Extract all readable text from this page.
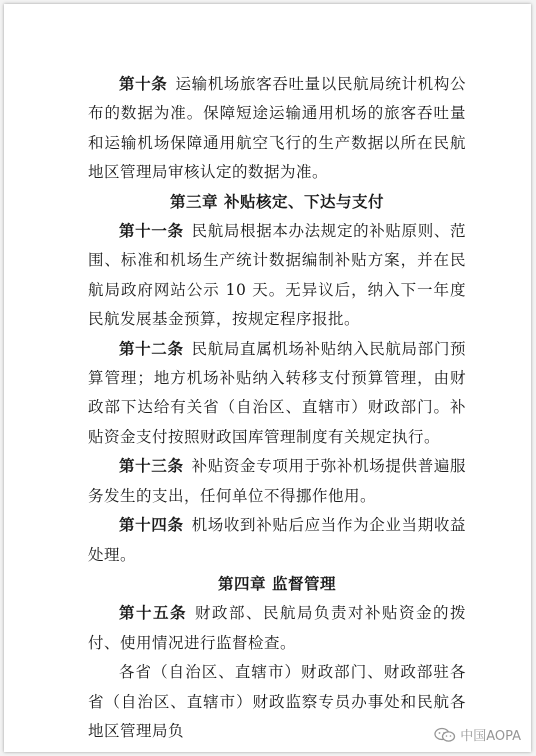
第十条 运输机场旅客吞吐量以民航局统计机构公布的数据为准。保障短途运输通用机场的旅客吞吐量和运输机场保障通用航空飞行的生产数据以所在民航地区管理局审核认定的数据为准。

第三章 补贴核定、下达与支付

第十一条 民航局根据本办法规定的补贴原则、范围、标准和机场生产统计数据编制补贴方案，并在民航局政府网站公示 10 天。无异议后，纳入下一年度民航发展基金预算，按规定程序报批。

第十二条 民航局直属机场补贴纳入民航局部门预算管理；地方机场补贴纳入转移支付预算管理，由财政部下达给有关省（自治区、直辖市）财政部门。补贴资金支付按照财政国库管理制度有关规定执行。

第十三条 补贴资金专项用于弥补机场提供普遍服务发生的支出，任何单位不得挪作他用。

第十四条 机场收到补贴后应当作为企业当期收益处理。

第四章 监督管理

第十五条 财政部、民航局负责对补贴资金的拨付、使用情况进行监督检查。

各省（自治区、直辖市）财政部门、财政部驻各省（自治区、直辖市）财政监察专员办事处和民航各地区管理局负	中国AOPA
